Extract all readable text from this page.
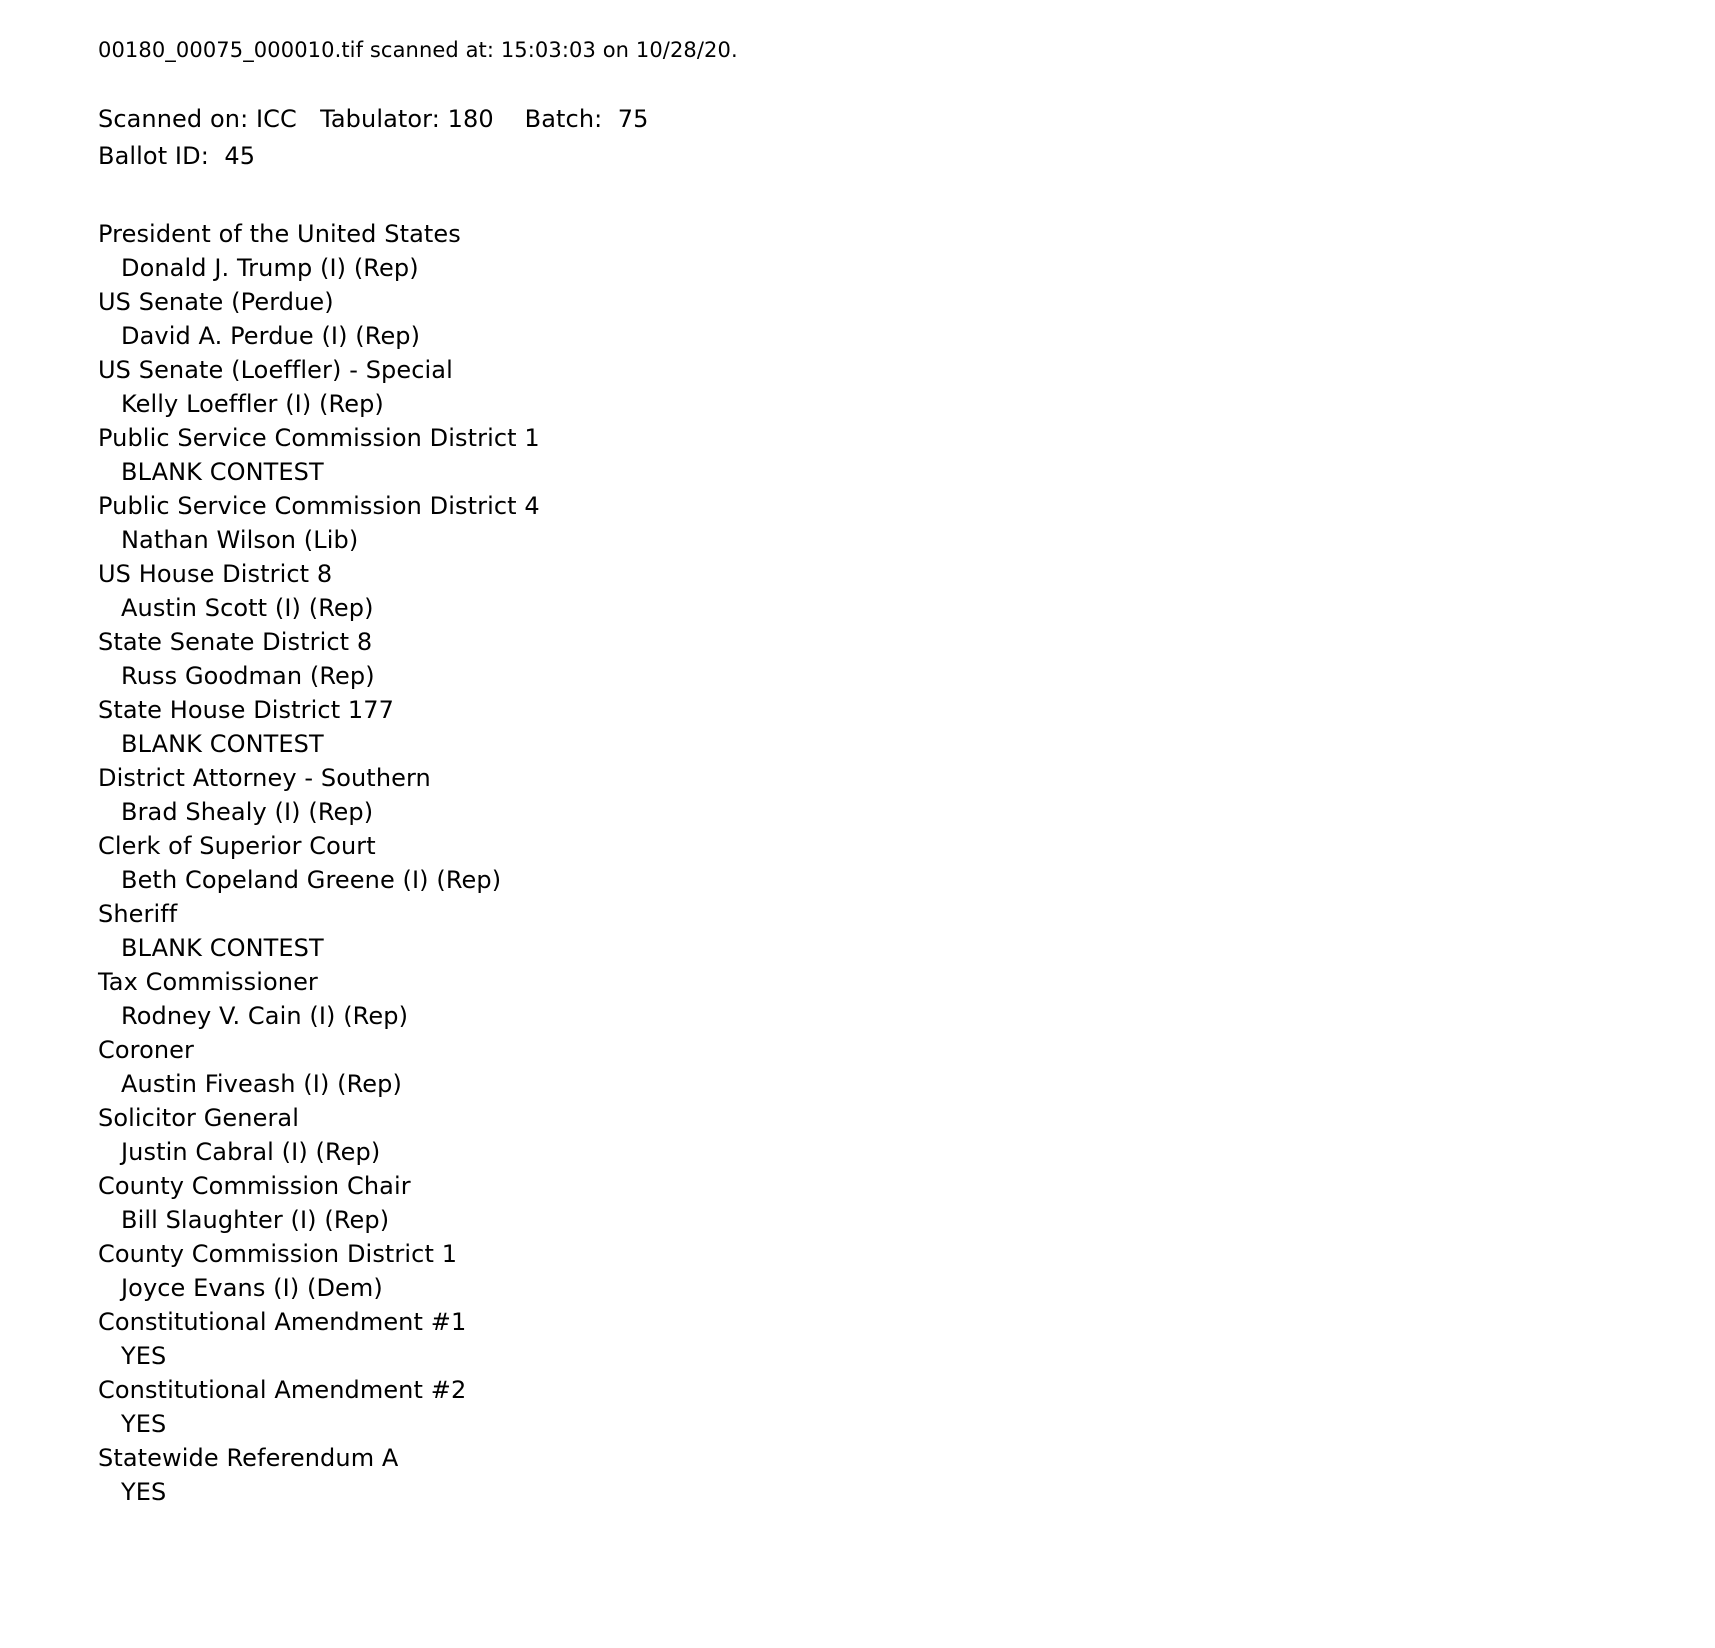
00180_00075_000010.tif scanned at: 15:03:03 on 10/28/20.
Scanned on: ICC   Tabulator: 180    Batch:  75
Ballot ID:  45
President of the United States
Donald J. Trump (I) (Rep)
US Senate (Perdue)
David A. Perdue (I) (Rep)
US Senate (Loeffler) - Special
Kelly Loeffler (I) (Rep)
Public Service Commission District 1
BLANK CONTEST
Public Service Commission District 4
Nathan Wilson (Lib)
US House District 8
Austin Scott (I) (Rep)
State Senate District 8
Russ Goodman (Rep)
State House District 177
BLANK CONTEST
District Attorney - Southern
Brad Shealy (I) (Rep)
Clerk of Superior Court
Beth Copeland Greene (I) (Rep)
Sheriff
BLANK CONTEST
Tax Commissioner
Rodney V. Cain (I) (Rep)
Coroner
Austin Fiveash (I) (Rep)
Solicitor General
Justin Cabral (I) (Rep)
County Commission Chair
Bill Slaughter (I) (Rep)
County Commission District 1
Joyce Evans (I) (Dem)
Constitutional Amendment #1
YES
Constitutional Amendment #2
YES
Statewide Referendum A
YES
